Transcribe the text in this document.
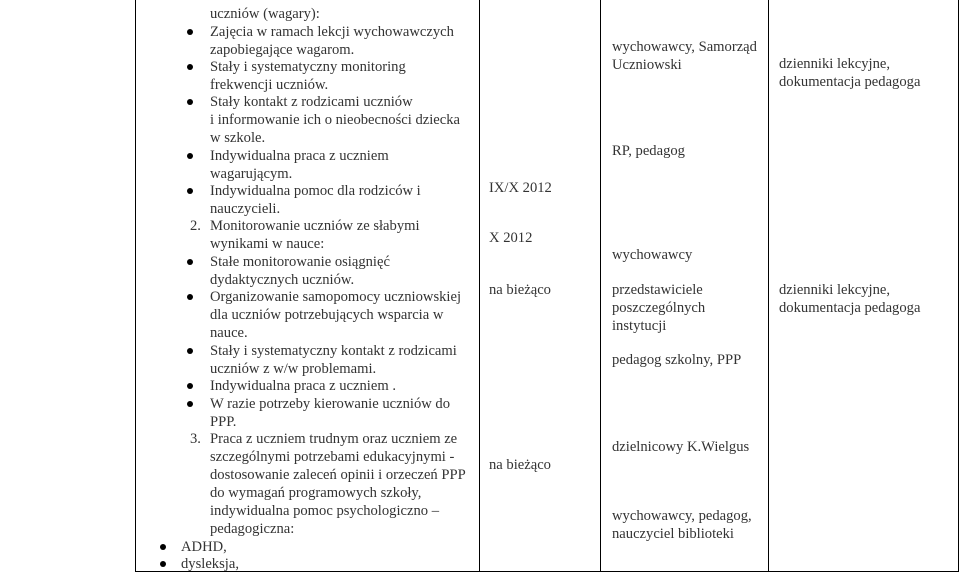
uczniów (wagary):
Zajęcia w ramach lekcji wychowawczych
zapobiegające wagarom.
Stały i systematyczny monitoring
frekwencji uczniów.
Stały kontakt z rodzicami uczniów
i informowanie ich o nieobecności dziecka
w szkole.
Indywidualna praca z uczniem
wagarującym.
Indywidualna pomoc dla rodziców i
nauczycieli.
2. Monitorowanie uczniów ze słabymi
wynikami w nauce:
Stałe monitorowanie osiągnięć
dydaktycznych uczniów.
Organizowanie samopomocy uczniowskiej
dla uczniów potrzebujących wsparcia w
nauce.
Stały i systematyczny kontakt z rodzicami
uczniów z w/w problemami.
Indywidualna praca z uczniem .
W razie potrzeby kierowanie uczniów do
PPP.
3. Praca z uczniem trudnym oraz uczniem ze
szczególnymi potrzebami edukacyjnymi -
dostosowanie zaleceń opinii i orzeczeń PPP
do wymagań programowych szkoły,
indywidualna pomoc psychologiczno –
pedagogiczna:
ADHD,
dysleksja,
IX/X 2012
X 2012
na bieżąco
na bieżąco
wychowawcy, Samorząd
Uczniowski
RP, pedagog
wychowawcy
przedstawiciele
poszczególnych
instytucji
pedagog szkolny, PPP
dzielnicowy K.Wielgus
wychowawcy, pedagog,
nauczyciel biblioteki
dzienniki lekcyjne,
dokumentacja pedagoga
dzienniki lekcyjne,
dokumentacja pedagoga
